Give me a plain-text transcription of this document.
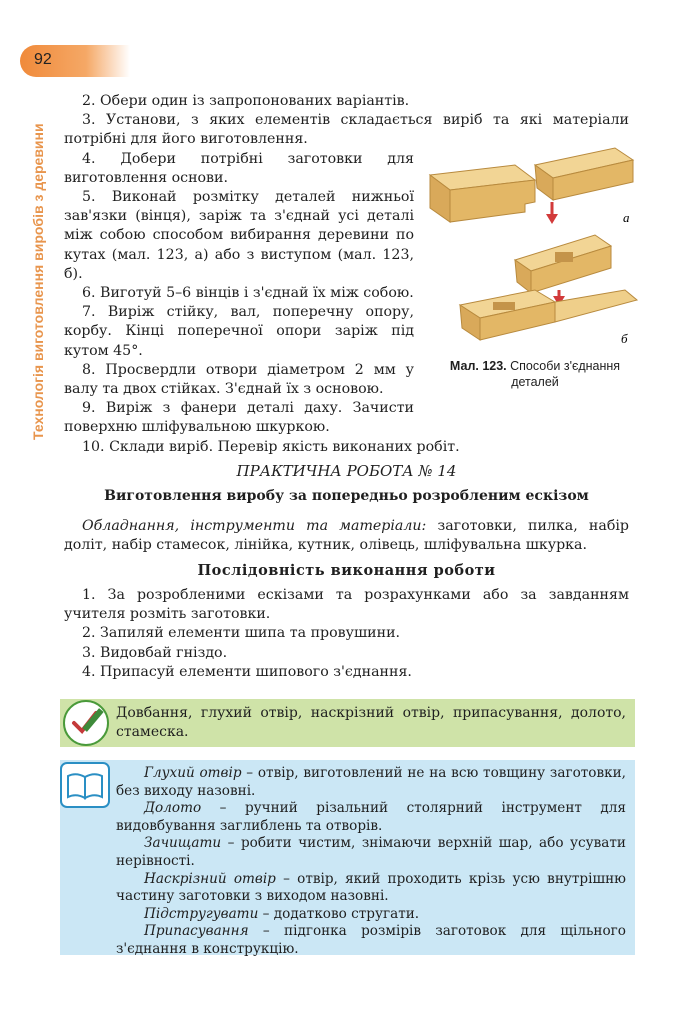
92
Технологія виготовлення виробів з деревини

2. Обери один із запропонованих варіантів.

3. Установи, з яких елементів складається виріб та які матеріали потрібні для його виготовлення.

4. Добери потрібні заготовки для виготовлення основи.

5. Виконай розмітку деталей нижньої зав'язки (вінця), заріж та з'єднай усі деталі між собою способом вибирання деревини по кутах (мал. 123, а) або з виступом (мал. 123, б).

6. Виготуй 5–6 вінців і з'єднай їх між собою.

7. Виріж стійку, вал, поперечну опору, корбу. Кінці поперечної опори заріж під кутом 45°.

8. Просвердли отвори діаметром 2 мм у валу та двох стійках. З'єднай їх з основою.

9. Виріж з фанери деталі даху. Зачисти поверхню шліфувальною шкуркою.

10. Склади виріб. Перевір якість виконаних робіт.

а
б
Мал. 123. Способи з'єднання деталей
ПРАКТИЧНА РОБОТА № 14
Виготовлення виробу за попередньо розробленим ескізом

Обладнання, інструменти та матеріали: заготовки, пилка, набір долiт, набір стамесок, лінійка, кутник, олівець, шліфувальна шкурка.

Послідовність виконання роботи

1. За розробленими ескізами та розрахунками або за завданням учителя розміть заготовки.

2. Запиляй елементи шипа та провушини.

3. Видовбай гніздо.

4. Припасуй елементи шипового з'єднання.

Довбання, глухий отвір, наскрізний отвір, припасування, долото, стамеска.

Глухий отвір – отвір, виготовлений не на всю товщину заготовки, без виходу назовні.

Долото – ручний різальний столярний інструмент для видовбування заглиблень та отворів.

Зачищати – робити чистим, знімаючи верхній шар, або усувати нерівності.

Наскрізний отвір – отвір, який проходить крізь усю внутрішню частину заготовки з виходом назовні.

Підстругувати – додатково стругати.

Припасування – підгонка розмірів заготовок для щільного з'єднання в конструкцію.
